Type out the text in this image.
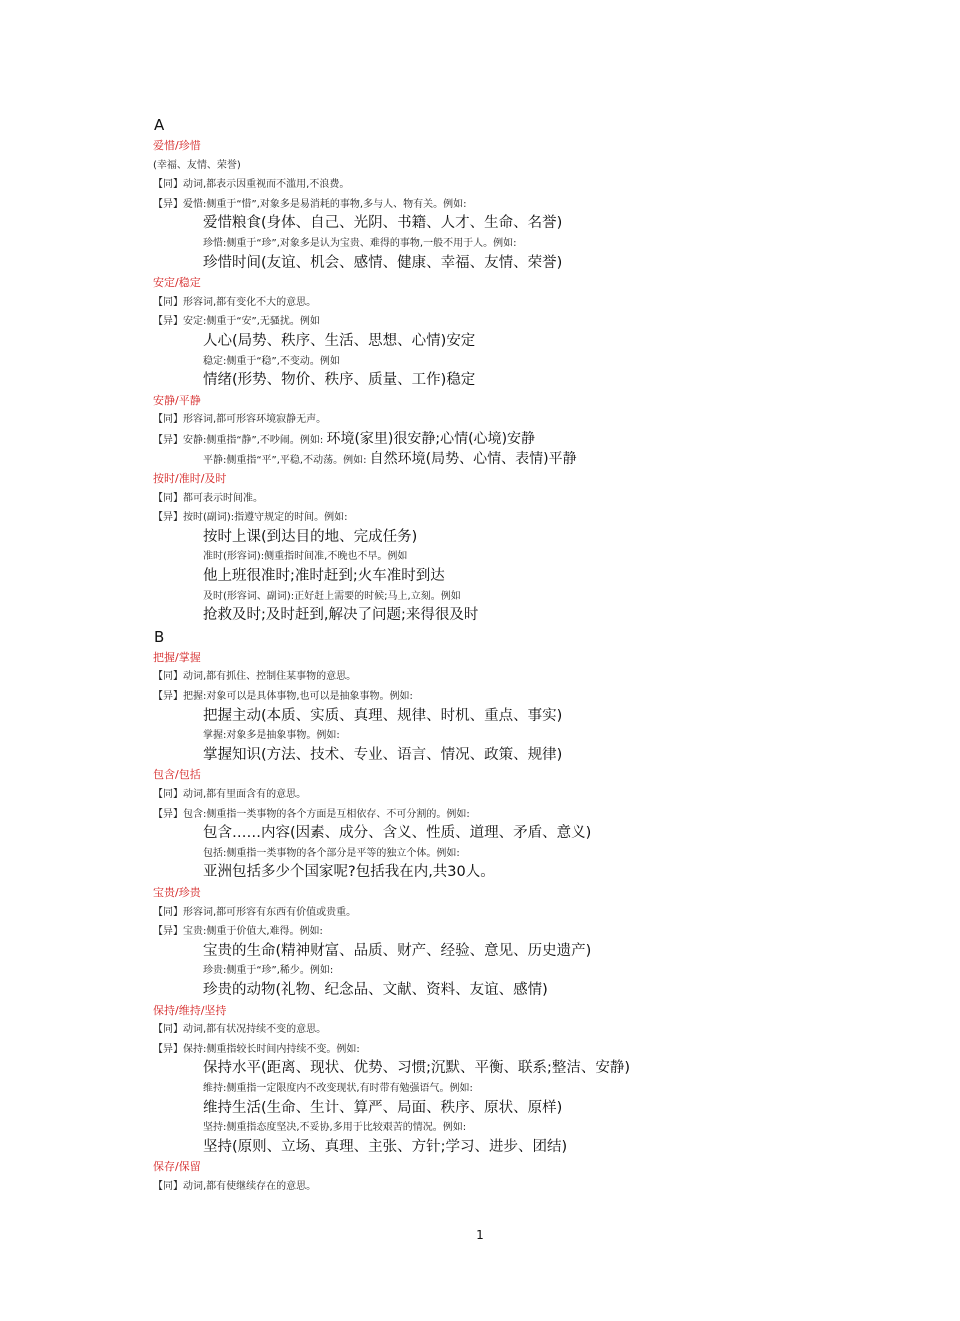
A
爱惜/珍惜
(幸福、友情、荣誉)
【同】动词,都表示因重视而不滥用,不浪费。
【异】爱惜:侧重于“惜”,对象多是易消耗的事物,多与人、物有关。例如:
爱惜粮食(身体、自己、光阴、书籍、人才、生命、名誉)
珍惜:侧重于“珍”,对象多是认为宝贵、难得的事物,一般不用于人。例如:
珍惜时间(友谊、机会、感情、健康、幸福、友情、荣誉)
安定/稳定
【同】形容词,都有变化不大的意思。
【异】安定:侧重于“安”,无骚扰。例如
人心(局势、秩序、生活、思想、心情)安定
稳定:侧重于“稳”,不变动。例如
情绪(形势、物价、秩序、质量、工作)稳定
安静/平静
【同】形容词,都可形容环境寂静无声。
【异】安静:侧重指“静”,不吵闹。例如: 环境(家里)很安静;心情(心境)安静
平静:侧重指“平”,平稳,不动荡。例如: 自然环境(局势、心情、表情)平静
按时/准时/及时
【同】都可表示时间准。
【异】按时(副词):指遵守规定的时间。例如:
按时上课(到达目的地、完成任务)
准时(形容词):侧重指时间准,不晚也不早。例如
他上班很准时;准时赶到;火车准时到达
及时(形容词、副词):正好赶上需要的时候;马上,立刻。例如
抢救及时;及时赶到,解决了问题;来得很及时
B
把握/掌握
【同】动词,都有抓住、控制住某事物的意思。
【异】把握:对象可以是具体事物,也可以是抽象事物。例如:
把握主动(本质、实质、真理、规律、时机、重点、事实)
掌握:对象多是抽象事物。例如:
掌握知识(方法、技术、专业、语言、情况、政策、规律)
包含/包括
【同】动词,都有里面含有的意思。
【异】包含:侧重指一类事物的各个方面是互相依存、不可分割的。例如:
包含……内容(因素、成分、含义、性质、道理、矛盾、意义)
包括:侧重指一类事物的各个部分是平等的独立个体。例如:
亚洲包括多少个国家呢?包括我在内,共30人。
宝贵/珍贵
【同】形容词,都可形容有东西有价值或贵重。
【异】宝贵:侧重于价值大,难得。例如:
宝贵的生命(精神财富、品质、财产、经验、意见、历史遗产)
珍贵:侧重于“珍”,稀少。例如:
珍贵的动物(礼物、纪念品、文献、资料、友谊、感情)
保持/维持/坚持
【同】动词,都有状况持续不变的意思。
【异】保持:侧重指较长时间内持续不变。例如:
保持水平(距离、现状、优势、习惯;沉默、平衡、联系;整洁、安静)
维持:侧重指一定限度内不改变现状,有时带有勉强语气。例如:
维持生活(生命、生计、算严、局面、秩序、原状、原样)
坚持:侧重指态度坚决,不妥协,多用于比较艰苦的情况。例如:
坚持(原则、立场、真理、主张、方针;学习、进步、团结)
保存/保留
【同】动词,都有使继续存在的意思。
1
